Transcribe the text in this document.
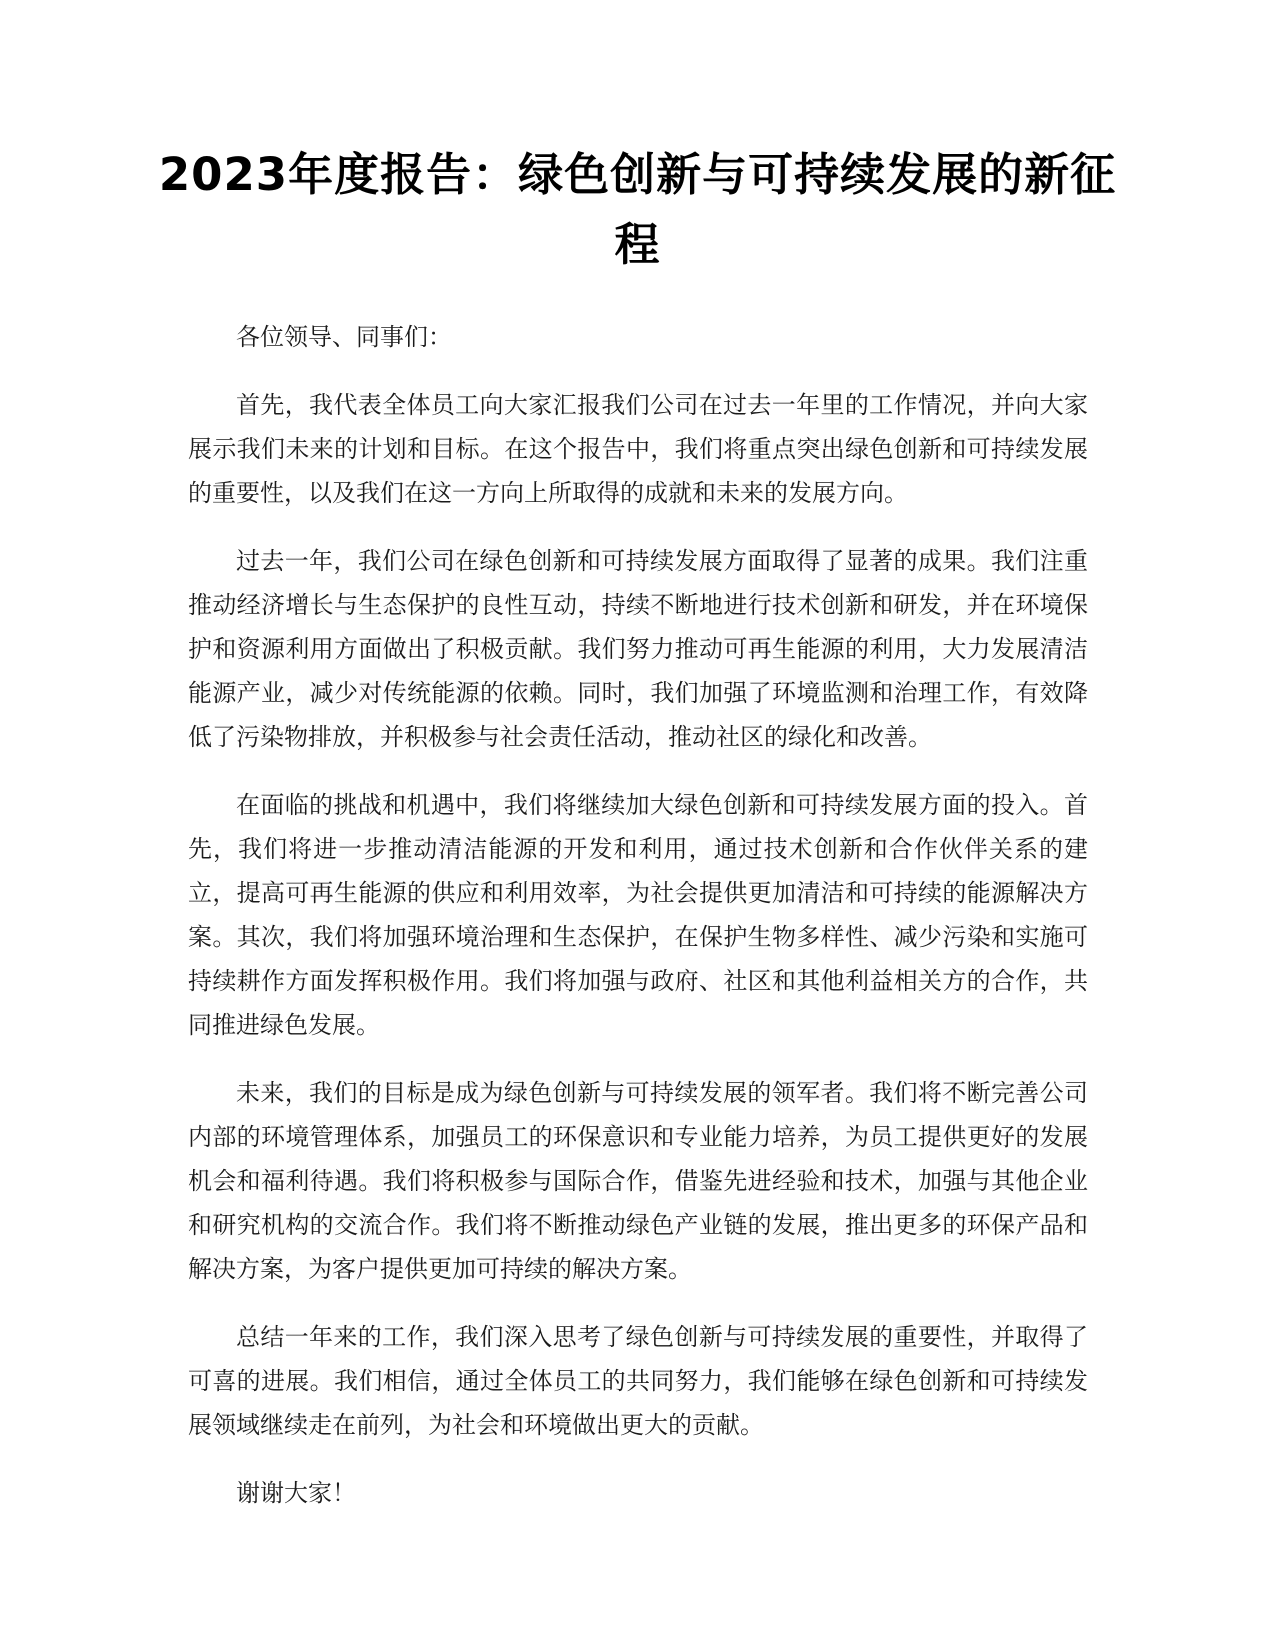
2023年度报告：绿色创新与可持续发展的新征程

各位领导、同事们：

首先，我代表全体员工向大家汇报我们公司在过去一年里的工作情况，并向大家展示我们未来的计划和目标。在这个报告中，我们将重点突出绿色创新和可持续发展的重要性，以及我们在这一方向上所取得的成就和未来的发展方向。

过去一年，我们公司在绿色创新和可持续发展方面取得了显著的成果。我们注重推动经济增长与生态保护的良性互动，持续不断地进行技术创新和研发，并在环境保护和资源利用方面做出了积极贡献。我们努力推动可再生能源的利用，大力发展清洁能源产业，减少对传统能源的依赖。同时，我们加强了环境监测和治理工作，有效降低了污染物排放，并积极参与社会责任活动，推动社区的绿化和改善。

在面临的挑战和机遇中，我们将继续加大绿色创新和可持续发展方面的投入。首先，我们将进一步推动清洁能源的开发和利用，通过技术创新和合作伙伴关系的建立，提高可再生能源的供应和利用效率，为社会提供更加清洁和可持续的能源解决方案。其次，我们将加强环境治理和生态保护，在保护生物多样性、减少污染和实施可持续耕作方面发挥积极作用。我们将加强与政府、社区和其他利益相关方的合作，共同推进绿色发展。

未来，我们的目标是成为绿色创新与可持续发展的领军者。我们将不断完善公司内部的环境管理体系，加强员工的环保意识和专业能力培养，为员工提供更好的发展机会和福利待遇。我们将积极参与国际合作，借鉴先进经验和技术，加强与其他企业和研究机构的交流合作。我们将不断推动绿色产业链的发展，推出更多的环保产品和解决方案，为客户提供更加可持续的解决方案。

总结一年来的工作，我们深入思考了绿色创新与可持续发展的重要性，并取得了可喜的进展。我们相信，通过全体员工的共同努力，我们能够在绿色创新和可持续发展领域继续走在前列，为社会和环境做出更大的贡献。

谢谢大家！
